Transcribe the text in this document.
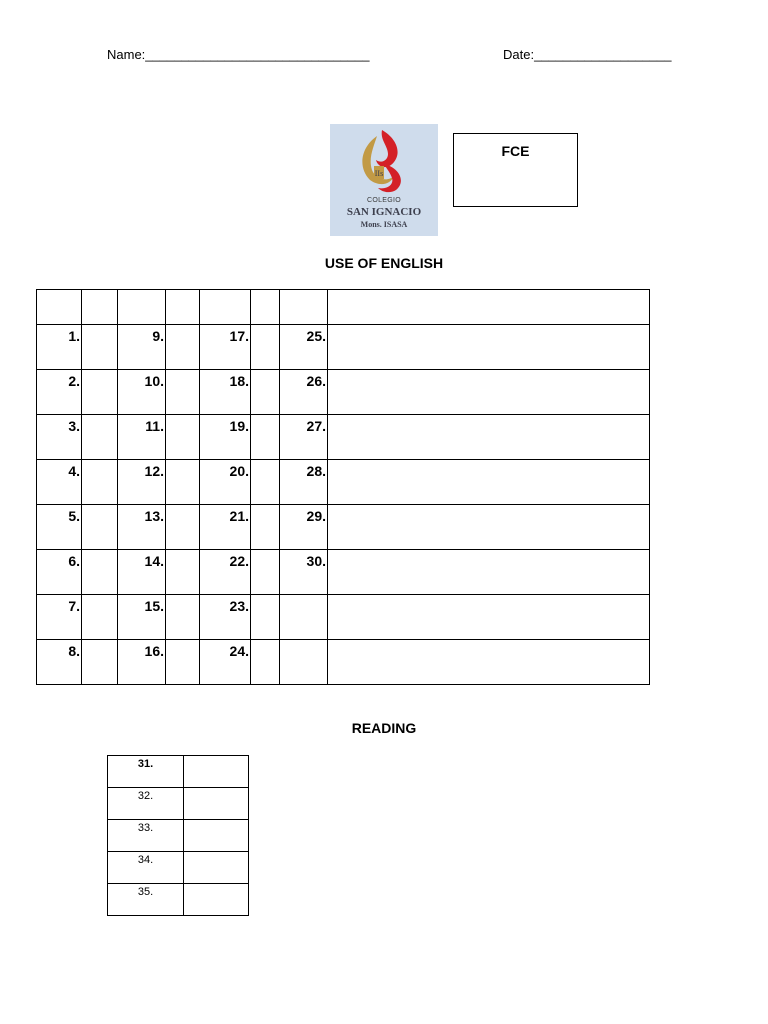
Name:_______________________________	Date:___________________
IIs
COLEGIO
SAN IGNACIO
Mons. ISASA
FCE
USE OF ENGLISH

1.		9.		17.		25.	

2.		10.		18.		26.	

3.		11.		19.		27.	

4.		12.		20.		28.	

5.		13.		21.		29.	

6.		14.		22.		30.	

7.		15.		23.			

8.		16.		24.			

READING
31.	

32.	

33.	

34.	

35.	
